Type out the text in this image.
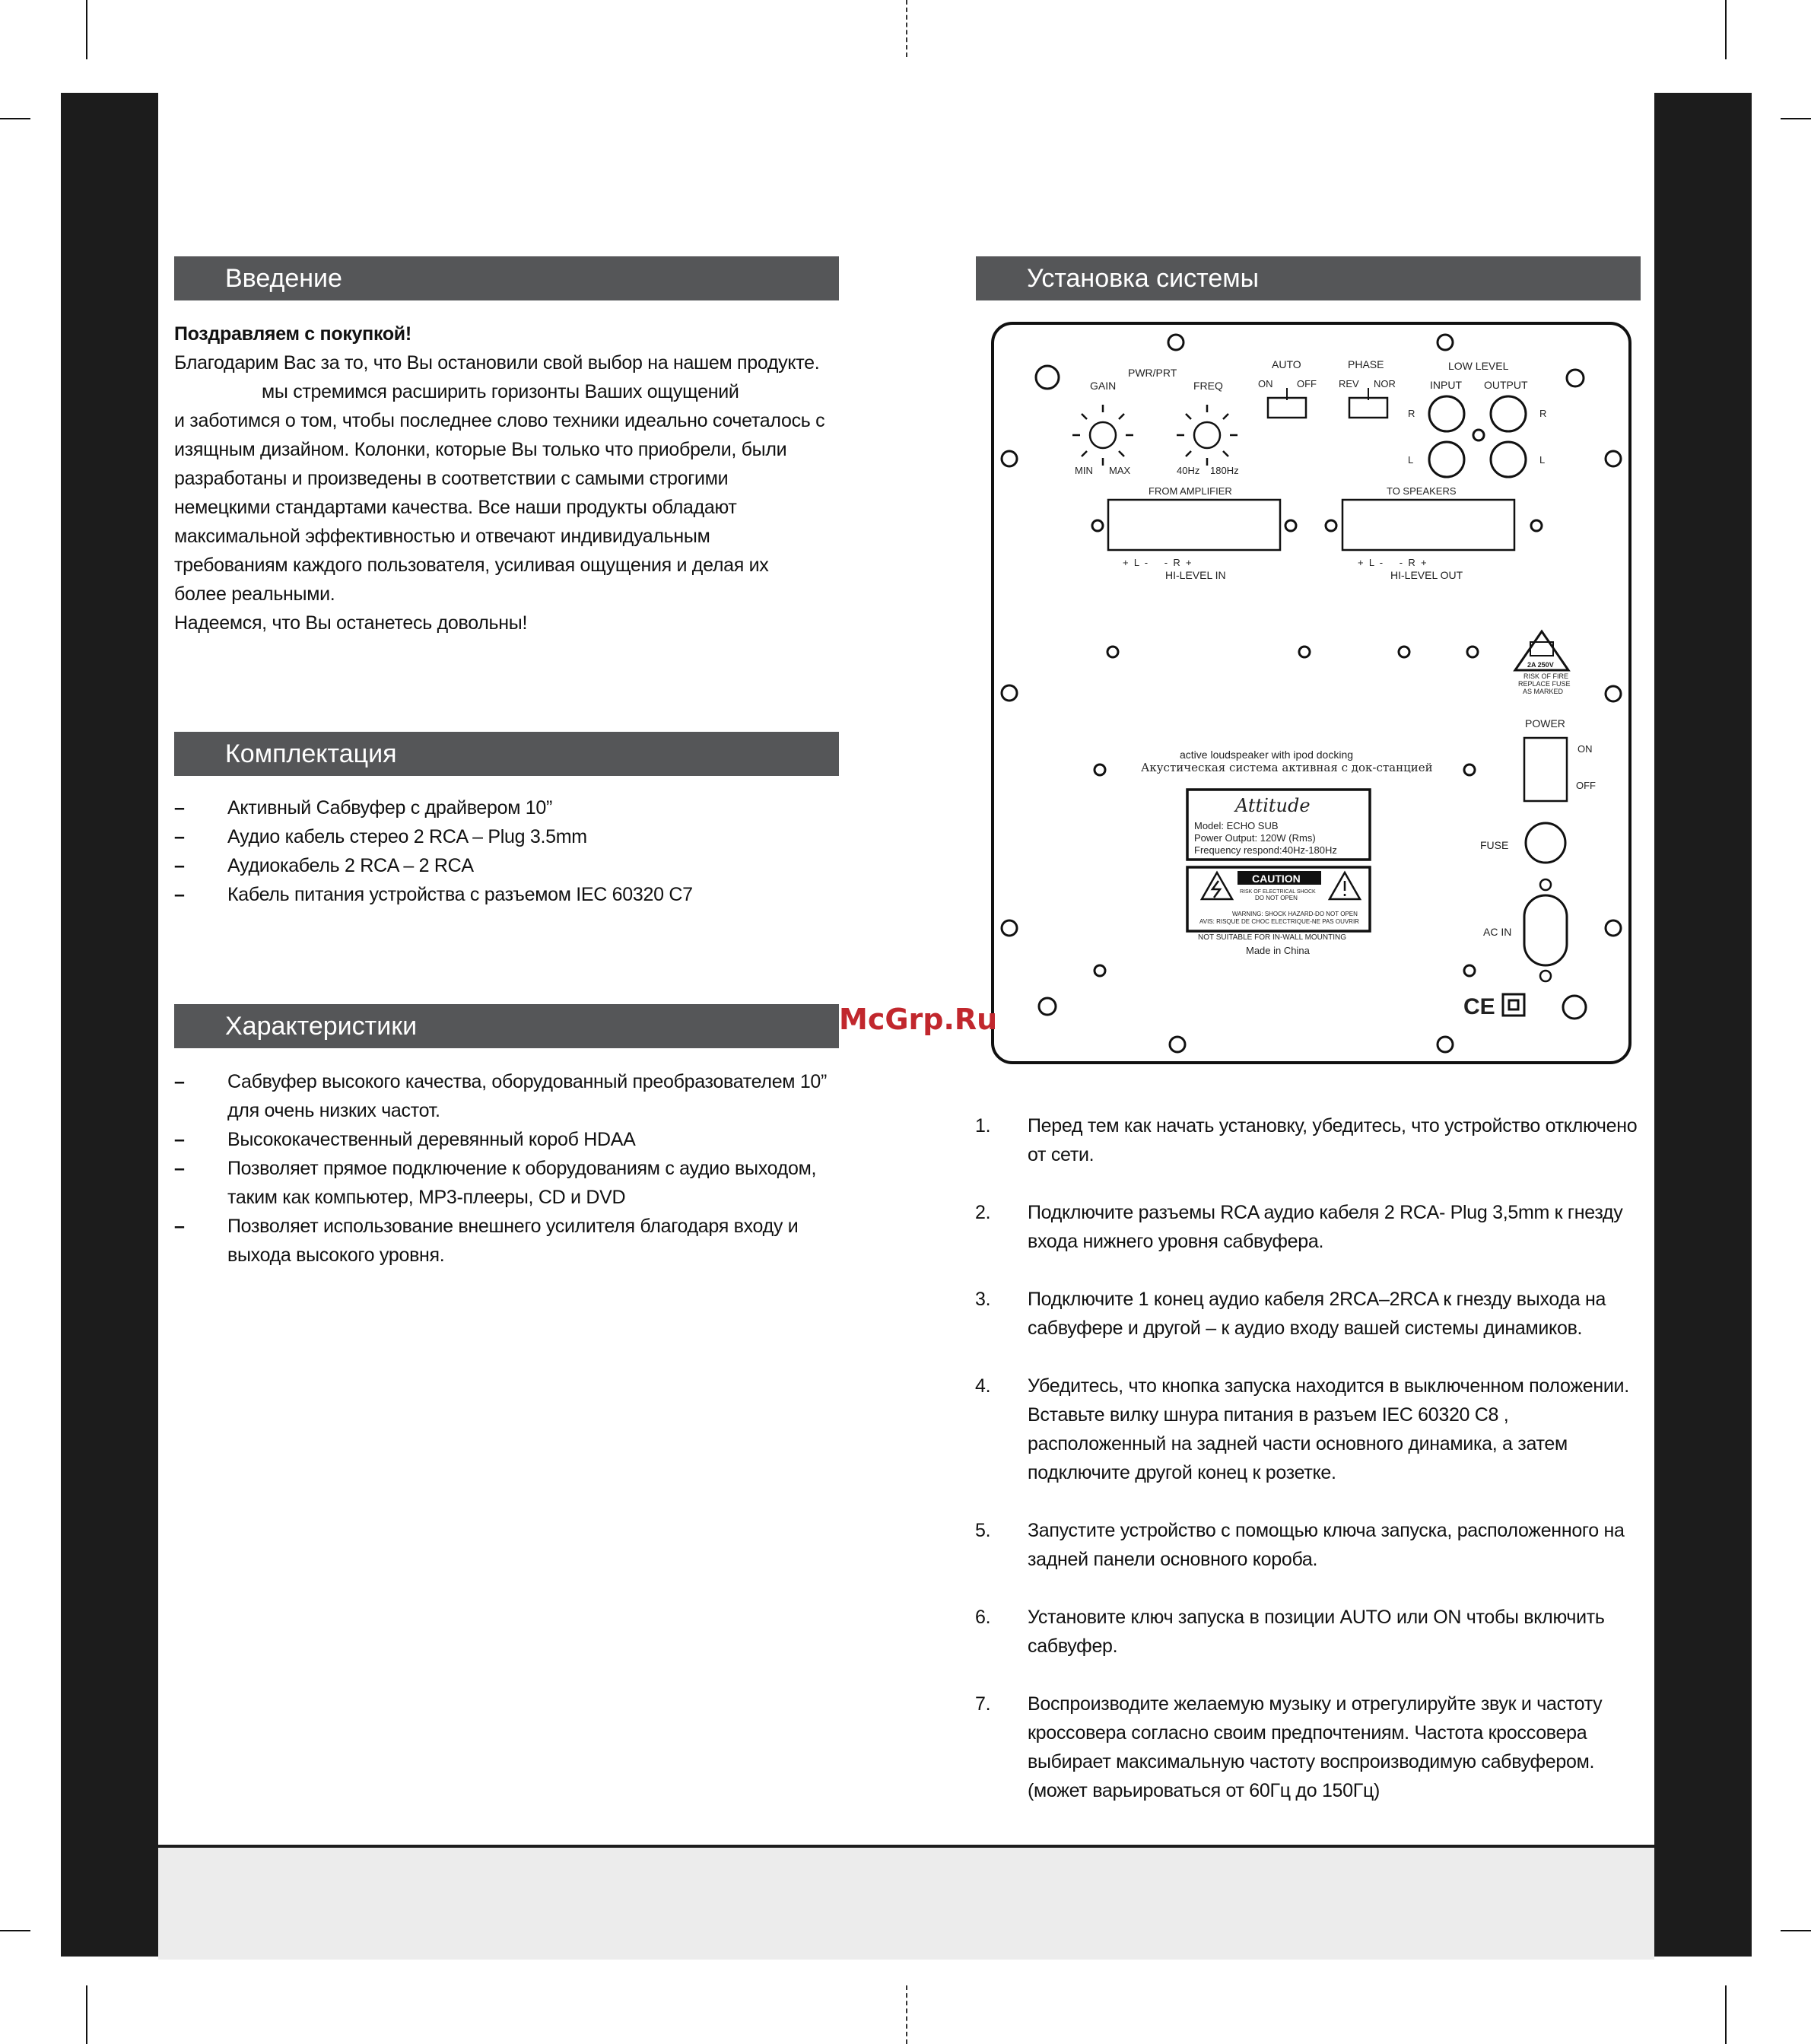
Введение
Поздравляем с покупкой!
Благодарим Вас за то, что Вы остановили свой выбор на нашем продукте.
мы стремимся расширить горизонты Ваших ощущений
и заботимся о том, чтобы последнее слово техники идеально сочеталось с
изящным дизайном. Колонки, которые Вы только что приобрели, были
разработаны и произведены в соответствии с самыми строгими
немецкими стандартами качества. Все наши продукты обладают
максимальной эффективностью и отвечают индивидуальным
требованиям каждого пользователя, усиливая ощущения и делая их
более реальными.
Надеемся, что Вы останетесь довольны!
Комплектация
– Активный Сабвуфер с драйвером 10”
– Аудио кабель стерео 2 RCA – Plug 3.5mm
– Аудиокабель 2 RCA – 2 RCA
– Кабель питания устройства с разъемом IEC 60320 C7
Характеристики
– Сабвуфер высокого качества, оборудованный преобразователем 10” для очень низких частот.
– Высококачественный деревянный короб HDAA
– Позволяет прямое подключение к оборудованиям с аудио выходом, таким как компьютер, MP3-плееры, CD и DVD
– Позволяет использование внешнего усилителя благодаря входу и выхода высокого уровня.
Установка системы
GAIN
PWR/PRT
FREQ
MIN MAX	40Hz 180Hz
AUTO
ON OFF
PHASE
REV NOR
LOW LEVEL
INPUT OUTPUT
R	R
L	L
FROM AMPLIFIER
+  L  -      -  R  +
HI-LEVEL IN
TO SPEAKERS
+  L  -      -  R  +
HI-LEVEL OUT
2A 250V
RISK OF FIRE
REPLACE FUSE
AS MARKED
POWER
ON
OFF
FUSE
AC IN
active loudspeaker with ipod docking
Акустическая система активная с док-станцией
Attitude
Model: ECHO SUB
Power Output: 120W (Rms)
Frequency respond:40Hz-180Hz
CAUTION
RISK OF ELECTRICAL SHOCK
DO NOT OPEN
WARNING: SHOCK HAZARD-DO NOT OPEN
AVIS: RISQUE DE CHOC ELECTRIQUE-NE PAS OUVRIR
NOT SUITABLE FOR IN-WALL MOUNTING
Made in China
CE
1. Перед тем как начать установку, убедитесь, что устройство отключено от сети.
2. Подключите разъемы RCA аудио кабеля 2 RCA- Plug 3,5mm к гнезду входа нижнего уровня сабвуфера.
3. Подключите 1 конец аудио кабеля 2RCA–2RCA к гнезду выхода на сабвуфере и другой – к аудио входу вашей системы динамиков.
4. Убедитесь, что кнопка запуска находится в выключенном положении. Вставьте вилку шнура питания в разъем IEC 60320 C8 , расположенный на задней части основного динамика, а затем подключите другой конец к розетке.
5. Запустите устройство с помощью ключа запуска, расположенного на задней панели основного короба.
6. Установите ключ запуска в позиции AUTO или ON чтобы включить сабвуфер.
7. Воспроизводите желаемую музыку и отрегулируйте звук и частоту кроссовера согласно своим предпочтениям. Частота кроссовера выбирает максимальную частоту воспроизводимую сабвуфером. (может варьироваться от 60Гц до 150Гц)
McGrp.Ru
